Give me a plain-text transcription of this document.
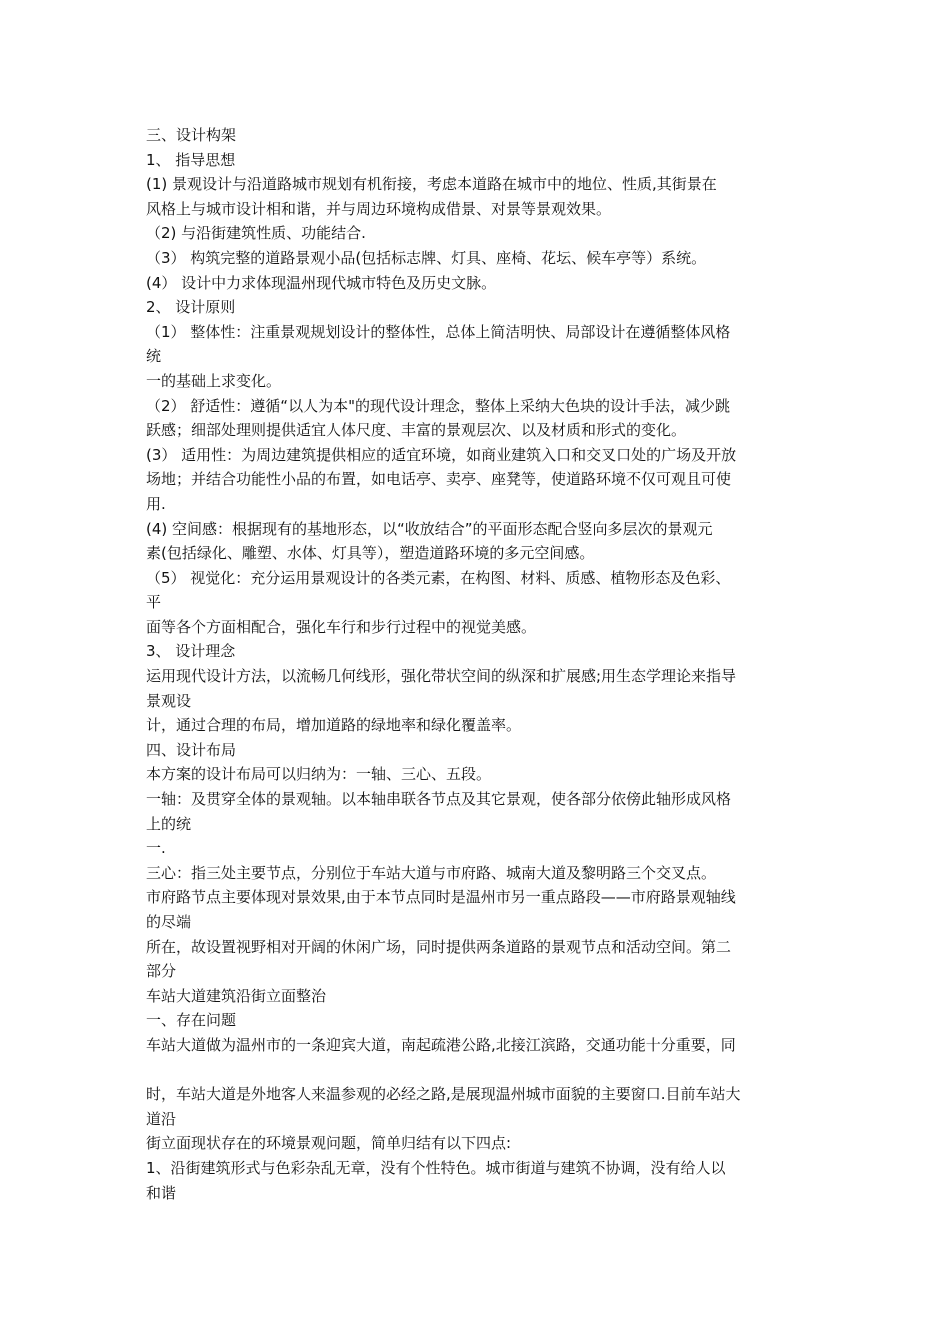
三、设计构架
1、 指导思想
(1) 景观设计与沿道路城市规划有机衔接，考虑本道路在城市中的地位、性质,其街景在
风格上与城市设计相和谐，并与周边环境构成借景、对景等景观效果。
（2) 与沿街建筑性质、功能结合.
（3） 构筑完整的道路景观小品(包括标志牌、灯具、座椅、花坛、候车亭等）系统。
(4） 设计中力求体现温州现代城市特色及历史文脉。
2、 设计原则
（1） 整体性：注重景观规划设计的整体性，总体上简洁明快、局部设计在遵循整体风格
统
一的基础上求变化。
（2） 舒适性：遵循“以人为本"的现代设计理念，整体上采纳大色块的设计手法，减少跳
跃感；细部处理则提供适宜人体尺度、丰富的景观层次、以及材质和形式的变化。
(3） 适用性：为周边建筑提供相应的适宜环境，如商业建筑入口和交叉口处的广场及开放
场地；并结合功能性小品的布置，如电话亭、卖亭、座凳等，使道路环境不仅可观且可使
用.
(4) 空间感：根据现有的基地形态，以“收放结合”的平面形态配合竖向多层次的景观元
素(包括绿化、雕塑、水体、灯具等），塑造道路环境的多元空间感。
（5） 视觉化：充分运用景观设计的各类元素，在构图、材料、质感、植物形态及色彩、
平
面等各个方面相配合，强化车行和步行过程中的视觉美感。
3、 设计理念
运用现代设计方法，以流畅几何线形，强化带状空间的纵深和扩展感;用生态学理论来指导
景观设
计，通过合理的布局，增加道路的绿地率和绿化覆盖率。
四、设计布局
本方案的设计布局可以归纳为：一轴、三心、五段。
一轴：及贯穿全体的景观轴。以本轴串联各节点及其它景观，使各部分依傍此轴形成风格
上的统
一.
三心：指三处主要节点，分别位于车站大道与市府路、城南大道及黎明路三个交叉点。
市府路节点主要体现对景效果,由于本节点同时是温州市另一重点路段——市府路景观轴线
的尽端
所在，故设置视野相对开阔的休闲广场，同时提供两条道路的景观节点和活动空间。第二
部分
车站大道建筑沿街立面整治
一、存在问题
车站大道做为温州市的一条迎宾大道，南起疏港公路,北接江滨路，交通功能十分重要，同
时，车站大道是外地客人来温参观的必经之路,是展现温州城市面貌的主要窗口.目前车站大
道沿
街立面现状存在的环境景观问题，简单归结有以下四点:
1、沿街建筑形式与色彩杂乱无章，没有个性特色。城市街道与建筑不协调，没有给人以
和谐
